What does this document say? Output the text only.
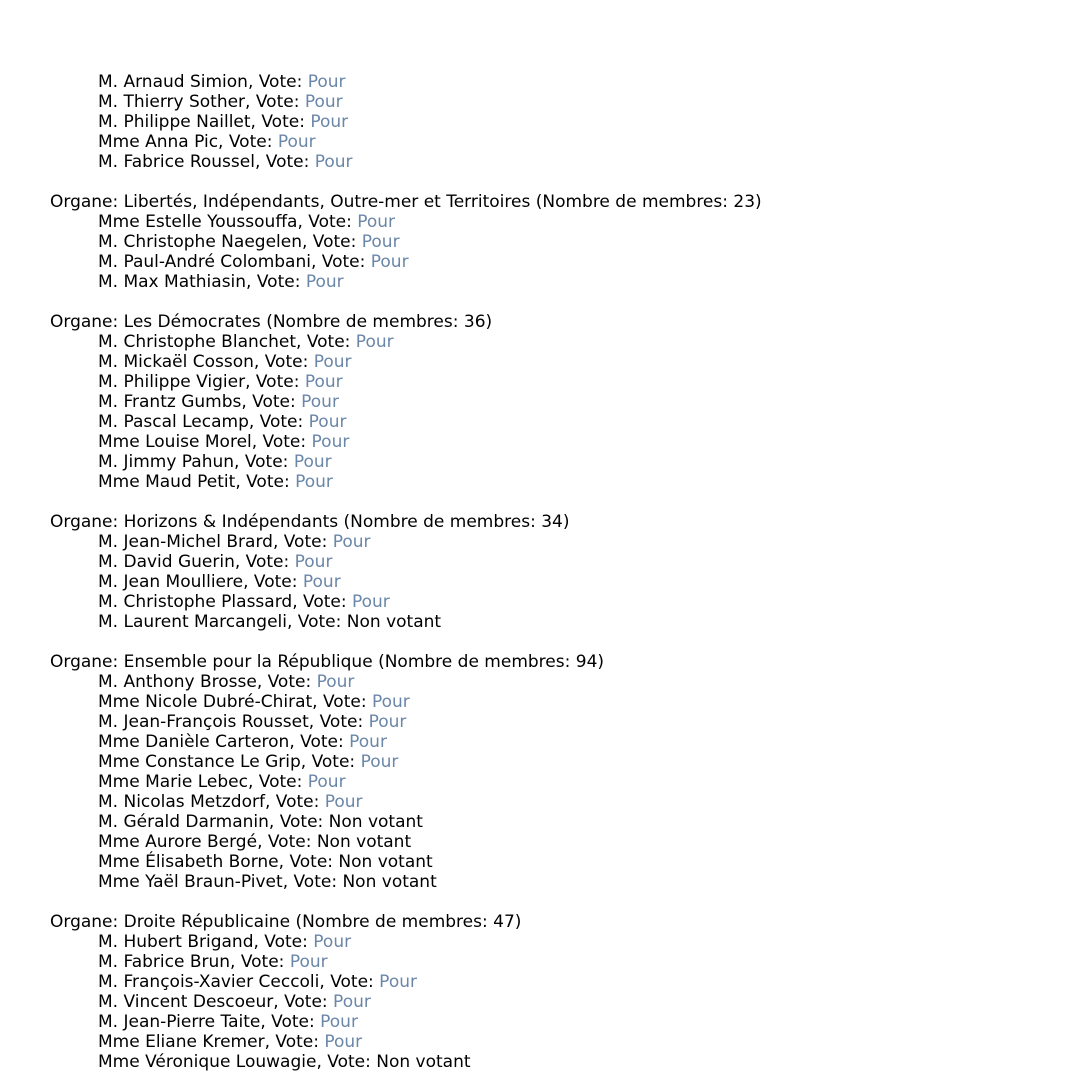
M. Arnaud Simion, Vote: Pour
M. Thierry Sother, Vote: Pour
M. Philippe Naillet, Vote: Pour
Mme Anna Pic, Vote: Pour
M. Fabrice Roussel, Vote: Pour
Organe: Libertés, Indépendants, Outre-mer et Territoires (Nombre de membres: 23)
Mme Estelle Youssouffa, Vote: Pour
M. Christophe Naegelen, Vote: Pour
M. Paul-André Colombani, Vote: Pour
M. Max Mathiasin, Vote: Pour
Organe: Les Démocrates (Nombre de membres: 36)
M. Christophe Blanchet, Vote: Pour
M. Mickaël Cosson, Vote: Pour
M. Philippe Vigier, Vote: Pour
M. Frantz Gumbs, Vote: Pour
M. Pascal Lecamp, Vote: Pour
Mme Louise Morel, Vote: Pour
M. Jimmy Pahun, Vote: Pour
Mme Maud Petit, Vote: Pour
Organe: Horizons & Indépendants (Nombre de membres: 34)
M. Jean-Michel Brard, Vote: Pour
M. David Guerin, Vote: Pour
M. Jean Moulliere, Vote: Pour
M. Christophe Plassard, Vote: Pour
M. Laurent Marcangeli, Vote: Non votant
Organe: Ensemble pour la République (Nombre de membres: 94)
M. Anthony Brosse, Vote: Pour
Mme Nicole Dubré-Chirat, Vote: Pour
M. Jean-François Rousset, Vote: Pour
Mme Danièle Carteron, Vote: Pour
Mme Constance Le Grip, Vote: Pour
Mme Marie Lebec, Vote: Pour
M. Nicolas Metzdorf, Vote: Pour
M. Gérald Darmanin, Vote: Non votant
Mme Aurore Bergé, Vote: Non votant
Mme Élisabeth Borne, Vote: Non votant
Mme Yaël Braun-Pivet, Vote: Non votant
Organe: Droite Républicaine (Nombre de membres: 47)
M. Hubert Brigand, Vote: Pour
M. Fabrice Brun, Vote: Pour
M. François-Xavier Ceccoli, Vote: Pour
M. Vincent Descoeur, Vote: Pour
M. Jean-Pierre Taite, Vote: Pour
Mme Eliane Kremer, Vote: Pour
Mme Véronique Louwagie, Vote: Non votant
